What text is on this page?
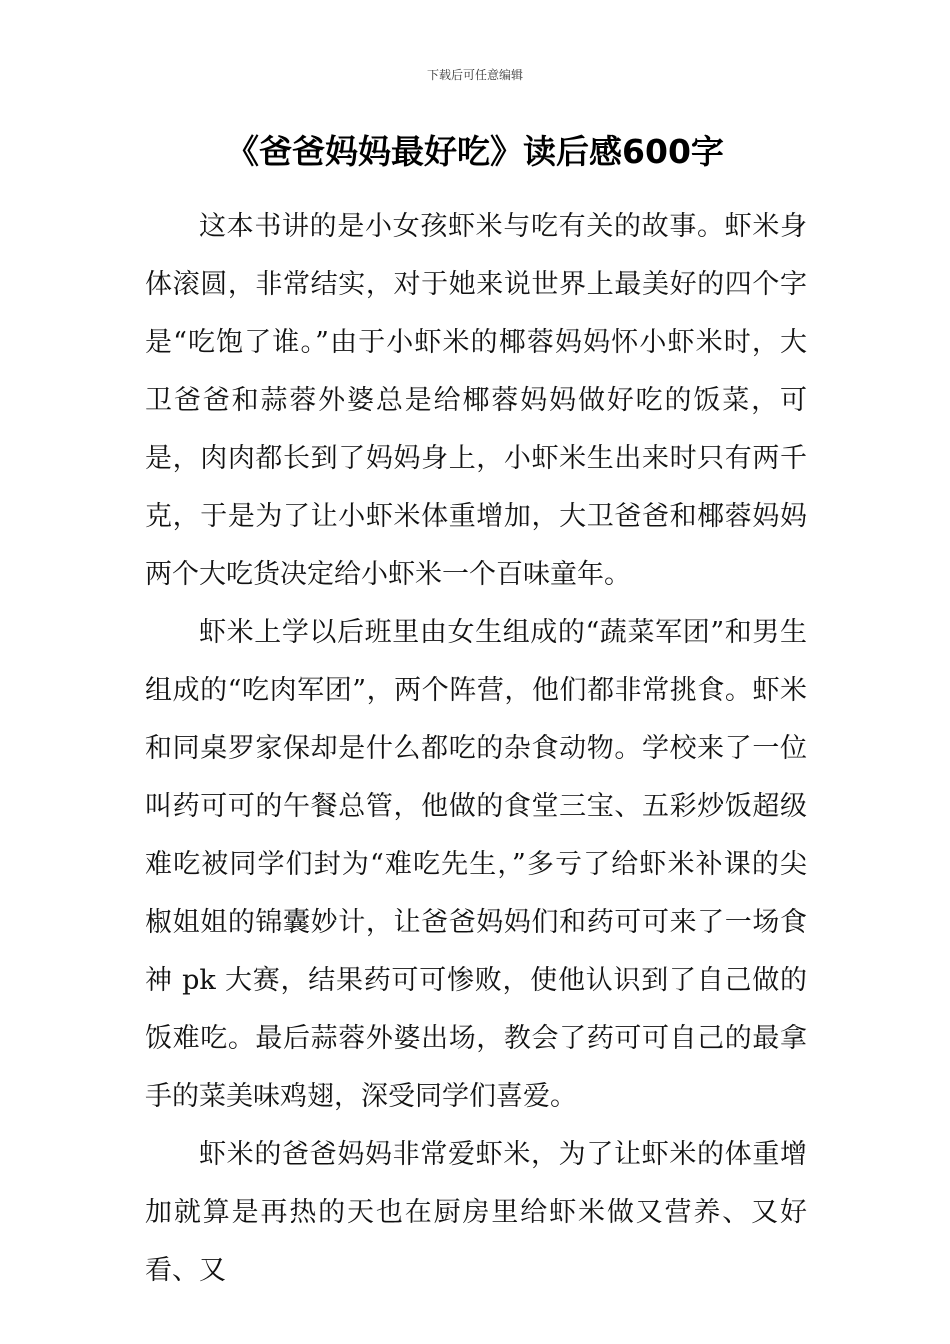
下载后可任意编辑
《爸爸妈妈最好吃》读后感600字

这本书讲的是小女孩虾米与吃有关的故事。虾米身体滚圆，非常结实，对于她来说世界上最美好的四个字是“吃饱了谁。”由于小虾米的椰蓉妈妈怀小虾米时，大卫爸爸和蒜蓉外婆总是给椰蓉妈妈做好吃的饭菜，可是，肉肉都长到了妈妈身上，小虾米生出来时只有两千克，于是为了让小虾米体重增加，大卫爸爸和椰蓉妈妈两个大吃货决定给小虾米一个百味童年。

虾米上学以后班里由女生组成的“蔬菜军团”和男生组成的“吃肉军团”，两个阵营，他们都非常挑食。虾米和同桌罗家保却是什么都吃的杂食动物。学校来了一位叫药可可的午餐总管，他做的食堂三宝、五彩炒饭超级难吃被同学们封为“难吃先生，”多亏了给虾米补课的尖椒姐姐的锦囊妙计，让爸爸妈妈们和药可可来了一场食神 pk 大赛，结果药可可惨败，使他认识到了自己做的饭难吃。最后蒜蓉外婆出场，教会了药可可自己的最拿手的菜美味鸡翅，深受同学们喜爱。

虾米的爸爸妈妈非常爱虾米，为了让虾米的体重增加就算是再热的天也在厨房里给虾米做又营养、又好看、又
